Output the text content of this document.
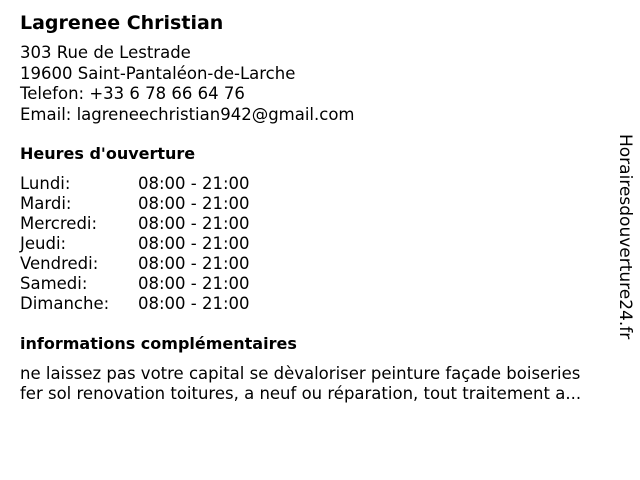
Lagrenee Christian
303 Rue de Lestrade
19600 Saint-Pantaléon-de-Larche
Telefon: +33 6 78 66 64 76
Email: lagreneechristian942@gmail.com
Heures d'ouverture
Lundi:	08:00 - 21:00
Mardi:	08:00 - 21:00
Mercredi:	08:00 - 21:00
Jeudi:	08:00 - 21:00
Vendredi:	08:00 - 21:00
Samedi:	08:00 - 21:00
Dimanche:	08:00 - 21:00
informations complémentaires
ne laissez pas votre capital se dèvaloriser peinture façade boiseries
fer sol renovation toitures, a neuf ou réparation, tout traitement a...
Horairesdouverture24.fr
